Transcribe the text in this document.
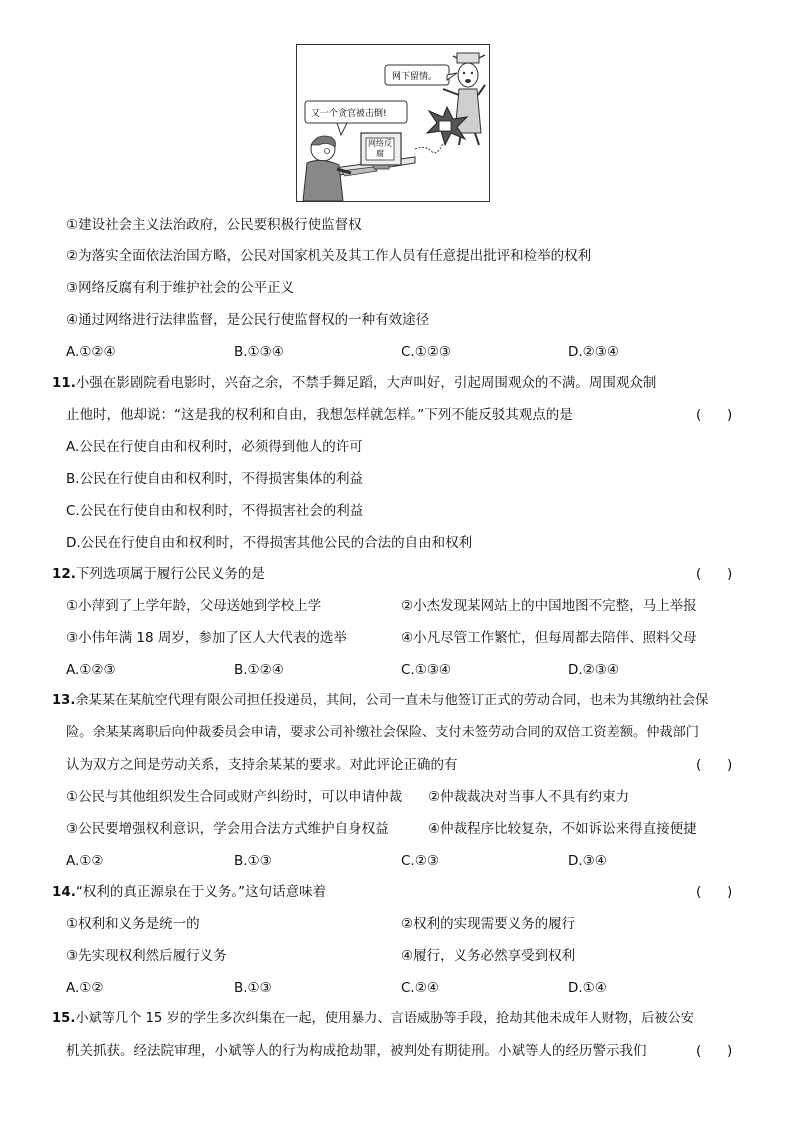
网下留情。
又一个贪官被击倒!
网络反腐
①建设社会主义法治政府，公民要积极行使监督权
②为落实全面依法治国方略，公民对国家机关及其工作人员有任意提出批评和检举的权利
③网络反腐有利于维护社会的公平正义
④通过网络进行法律监督，是公民行使监督权的一种有效途径
A.①②④	B.①③④	C.①②③	D.②③④
11.小强在影剧院看电影时，兴奋之余，不禁手舞足蹈，大声叫好，引起周围观众的不满。周围观众制
止他时，他却说：“这是我的权利和自由，我想怎样就怎样。”下列不能反驳其观点的是	(      )
A.公民在行使自由和权利时，必须得到他人的许可
B.公民在行使自由和权利时，不得损害集体的利益
C.公民在行使自由和权利时，不得损害社会的利益
D.公民在行使自由和权利时，不得损害其他公民的合法的自由和权利
12.下列选项属于履行公民义务的是	(      )
①小萍到了上学年龄，父母送她到学校上学	②小杰发现某网站上的中国地图不完整，马上举报
③小伟年满 18 周岁，参加了区人大代表的选举	④小凡尽管工作繁忙，但每周都去陪伴、照料父母
A.①②③	B.①②④	C.①③④	D.②③④
13.余某某在某航空代理有限公司担任投递员，其间，公司一直未与他签订正式的劳动合同，也未为其缴纳社会保
险。余某某离职后向仲裁委员会申请，要求公司补缴社会保险、支付未签劳动合同的双倍工资差额。仲裁部门
认为双方之间是劳动关系，支持余某某的要求。对此评论正确的有	(      )
①公民与其他组织发生合同或财产纠纷时，可以申请仲裁 ②仲裁裁决对当事人不具有约束力
③公民要增强权利意识，学会用合法方式维护自身权益	④仲裁程序比较复杂，不如诉讼来得直接便捷
A.①②	B.①③	C.②③	D.③④
14.“权利的真正源泉在于义务。”这句话意味着	(      )
①权利和义务是统一的	②权利的实现需要义务的履行
③先实现权利然后履行义务	④履行，义务必然享受到权利
A.①②	B.①③	C.②④	D.①④
15.小斌等几个 15 岁的学生多次纠集在一起，使用暴力、言语威胁等手段，抢劫其他未成年人财物，后被公安
机关抓获。经法院审理，小斌等人的行为构成抢劫罪，被判处有期徒刑。小斌等人的经历警示我们	(      )
